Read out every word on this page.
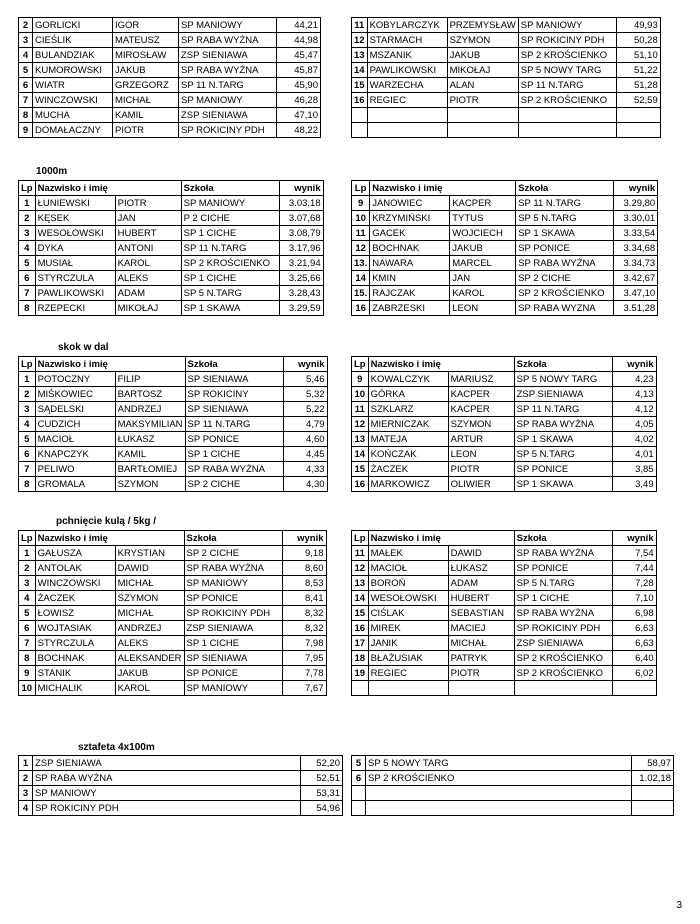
2	GORLICKI	IGOR	SP MANIOWY	44,21
3	CIEŚLIK	MATEUSZ	SP RABA WYŻNA	44,98
4	BULANDZIAK	MIROSŁAW	ZSP SIENIAWA	45,47
5	KUMOROWSKI	JAKUB	SP RABA WYŻNA	45,87
6	WIATR	GRZEGORZ	SP 11 N.TARG	45,90
7	WINCZOWSKI	MICHAŁ	SP MANIOWY	46,28
8	MUCHA	KAMIL	ZSP SIENIAWA	47,10
9	DOMAŁACZNY	PIOTR	SP ROKICINY PDH	48,22
11	KOBYLARCZYK	PRZEMYSŁAW	SP MANIOWY	49,93
12	STARMACH	SZYMON	SP ROKICINY PDH	50,28
13	MSZANIK	JAKUB	SP 2 KROŚCIENKO	51,10
14	PAWLIKOWSKI	MIKOŁAJ	SP 5 NOWY TARG	51,22
15	WARZECHA	ALAN	SP 11 N.TARG	51,28
16	REGIEC	PIOTR	SP 2 KROŚCIENKO	52,59

1000m
Lp	Nazwisko i imię		Szkoła	wynik
1	ŁUNIEWSKI	PIOTR	SP MANIOWY	3.03,18
2	KĘSEK	JAN	P 2 CICHE	3.07,68
3	WESOŁOWSKI	HUBERT	SP 1 CICHE	3.08,79
4	DYKA	ANTONI	SP 11 N.TARG	3.17,96
5	MUSIAŁ	KAROL	SP 2 KROŚCIENKO	3.21,94
6	STYRCZULA	ALEKS	SP 1 CICHE	3.25,66
7	PAWLIKOWSKI	ADAM	SP 5 N.TARG	3.28,43
8	RZEPECKI	MIKOŁAJ	SP 1 SKAWA	3.29,59
Lp	Nazwisko i imię		Szkoła	wynik
9	JANOWIEC	KACPER	SP 11 N.TARG	3.29,80
10	KRZYMIŃSKI	TYTUS	SP 5 N.TARG	3.30,01
11	GACEK	WOJCIECH	SP 1 SKAWA	3.33,54
12	BOCHNAK	JAKUB	SP PONICE	3.34,68
13.	NAWARA	MARCEL	SP RABA WYŻNA	3.34,73
14	KMIN	JAN	SP 2 CICHE	3.42,67
15.	RAJCZAK	KAROL	SP 2 KROŚCIENKO	3.47,10
16	ZABRZESKI	LEON	SP RABA WYZNA	3.51,28
skok w dal
Lp	Nazwisko i imię		Szkoła	wynik
1	POTOCZNY	FILIP	SP SIENIAWA	5,46
2	MIŚKOWIEC	BARTOSZ	SP ROKICINY	5,32
3	SĄDELSKI	ANDRZEJ	SP SIENIAWA	5,22
4	CUDZICH	MAKSYMILIAN	SP 11 N.TARG	4,79
5	MACIOŁ	ŁUKASZ	SP PONICE	4,60
6	KNAPCZYK	KAMIL	SP 1 CICHE	4,45
7	PELIWO	BARTŁOMIEJ	SP RABA WYŻNA	4,33
8	GROMALA	SZYMON	SP 2 CICHE	4,30
Lp	Nazwisko i imię		Szkoła	wynik
9	KOWALCZYK	MARIUSZ	SP 5 NOWY TARG	4,23
10	GÓRKA	KACPER	ZSP SIENIAWA	4,13
11	SZKLARZ	KACPER	SP 11 N.TARG	4,12
12	MIERNICZAK	SZYMON	SP RABA WYŻNA	4,05
13	MATEJA	ARTUR	SP 1 SKAWA	4,02
14	KOŃCZAK	LEON	SP 5 N.TARG	4,01
15	ŻACZEK	PIOTR	SP PONICE	3,85
16	MARKOWICZ	OLIWIER	SP 1 SKAWA	3,49
pchnięcie kulą / 5kg /
Lp	Nazwisko i imię		Szkoła	wynik
1	GAŁUSZA	KRYSTIAN	SP 2 CICHE	9,18
2	ANTOLAK	DAWID	SP RABA WYŻNA	8,60
3	WINCZOWSKI	MICHAŁ	SP MANIOWY	8,53
4	ŻACZEK	SZYMON	SP PONICE	8,41
5	ŁOWISZ	MICHAŁ	SP ROKICINY PDH	8,32
6	WOJTASIAK	ANDRZEJ	ZSP SIENIAWA	8,32
7	STYRCZULA	ALEKS	SP 1 CICHE	7,98
8	BOCHNAK	ALEKSANDER	SP SIENIAWA	7,95
9	STANIK	JAKUB	SP PONICE	7,78
10	MICHALIK	KAROL	SP MANIOWY	7,67
Lp	Nazwisko i imię		Szkoła	wynik
11	MAŁEK	DAWID	SP RABA WYŻNA	7,54
12	MACIOŁ	ŁUKASZ	SP PONICE	7,44
13	BOROŃ	ADAM	SP 5 N.TARG	7,28
14	WESOŁOWSKI	HUBERT	SP 1 CICHE	7,10
15	CIŚLAK	SEBASTIAN	SP RABA WYŻNA	6,98
16	MIREK	MACIEJ	SP ROKICINY PDH	6,63
17	JANIK	MICHAŁ	ZSP SIENIAWA	6,63
18	BŁAŻUSIAK	PATRYK	SP 2 KROŚCIENKO	6,40
19	REGIEC	PIOTR	SP 2 KROŚCIENKO	6,02

sztafeta 4x100m
1	ZSP SIENIAWA	52,20
2	SP RABA WYŻNA	52,51
3	SP MANIOWY	53,31
4	SP ROKICINY PDH	54,96
5	SP 5 NOWY TARG	58,97
6	SP 2 KROŚCIENKO	1.02,18

3
